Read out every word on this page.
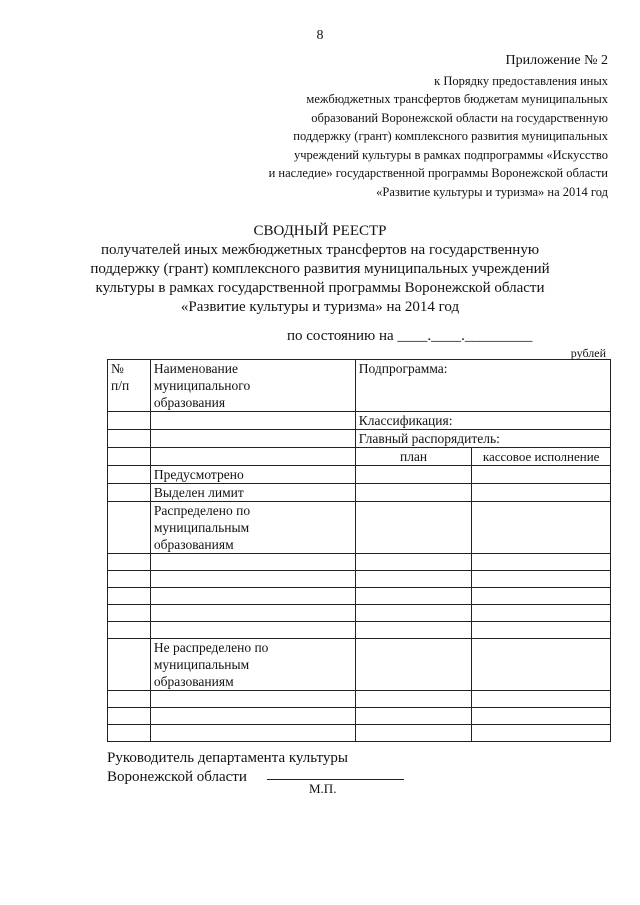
8
Приложение № 2
к Порядку предоставления иных
межбюджетных трансфертов бюджетам муниципальных
образований Воронежской области на государственную
поддержку (грант) комплексного развития муниципальных
учреждений культуры в рамках подпрограммы «Искусство
и наследие» государственной программы Воронежской области
«Развитие культуры и туризма» на 2014 год
СВОДНЫЙ РЕЕСТР
получателей иных межбюджетных трансфертов на государственную
поддержку (грант) комплексного развития муниципальных учреждений
культуры в рамках государственной программы Воронежской области
«Развитие культуры и туризма» на 2014 год
по состоянию на ____.____._________
рублей
№ п/п	Наименование муниципального образования	Подпрограмма:	
		Классификация:	
		Главный распорядитель:	
		план	кассовое исполнение
	Предусмотрено		
	Выделен лимит		
	Распределено по муниципальным образованиям		

	Не распределено по муниципальным образованиям		

Руководитель департамента культуры
Воронежской области
М.П.
